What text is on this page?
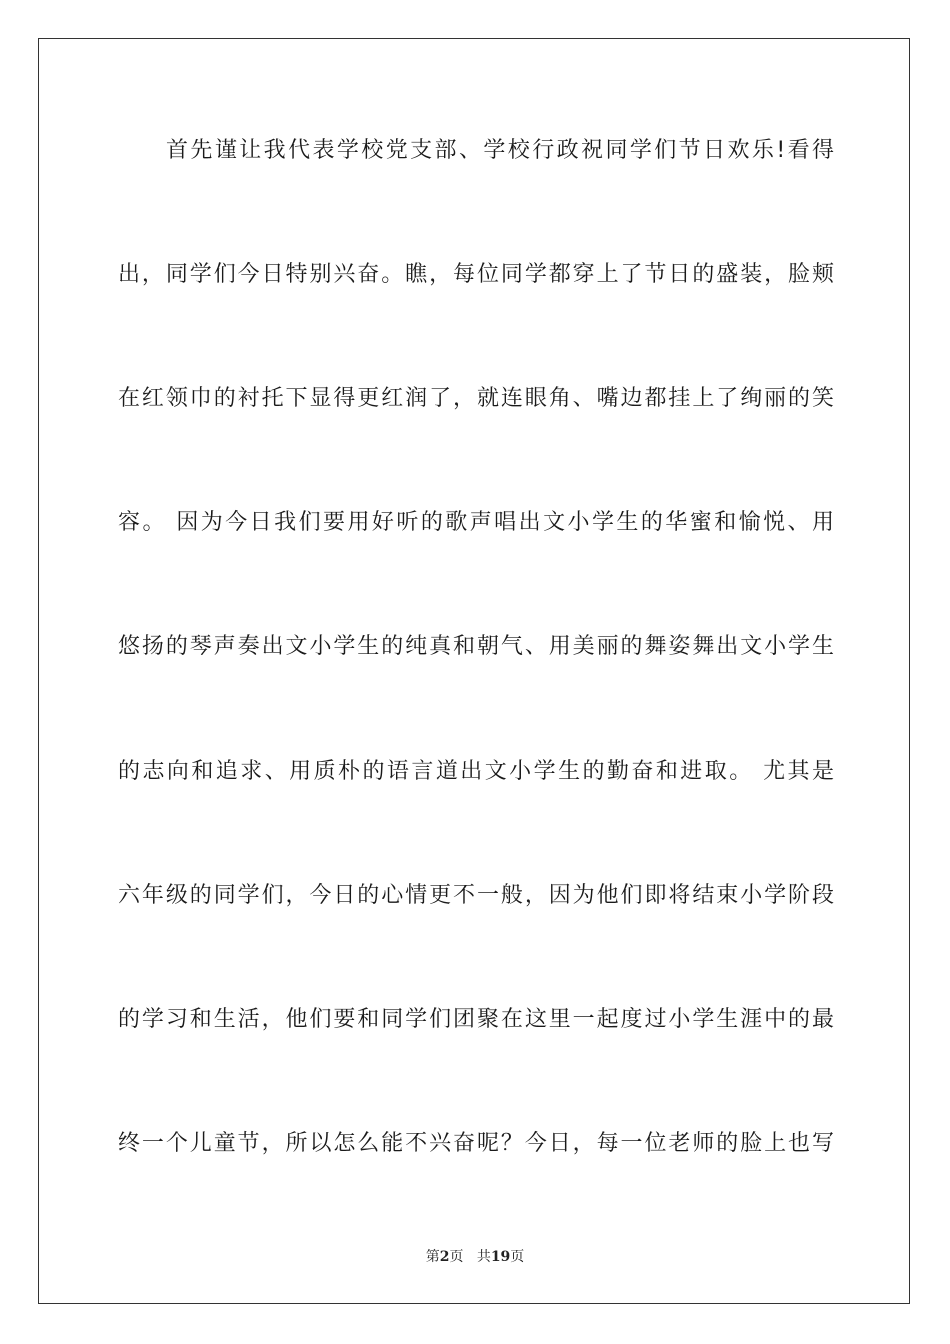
首先谨让我代表学校党支部、学校行政祝同学们节日欢乐!看得
出，同学们今日特别兴奋。瞧，每位同学都穿上了节日的盛装，脸颊
在红领巾的衬托下显得更红润了，就连眼角、嘴边都挂上了绚丽的笑
容。 因为今日我们要用好听的歌声唱出文小学生的华蜜和愉悦、用
悠扬的琴声奏出文小学生的纯真和朝气、用美丽的舞姿舞出文小学生
的志向和追求、用质朴的语言道出文小学生的勤奋和进取。 尤其是
六年级的同学们，今日的心情更不一般，因为他们即将结束小学阶段
的学习和生活，他们要和同学们团聚在这里一起度过小学生涯中的最
终一个儿童节，所以怎么能不兴奋呢？今日，每一位老师的脸上也写
第2页 共19页
